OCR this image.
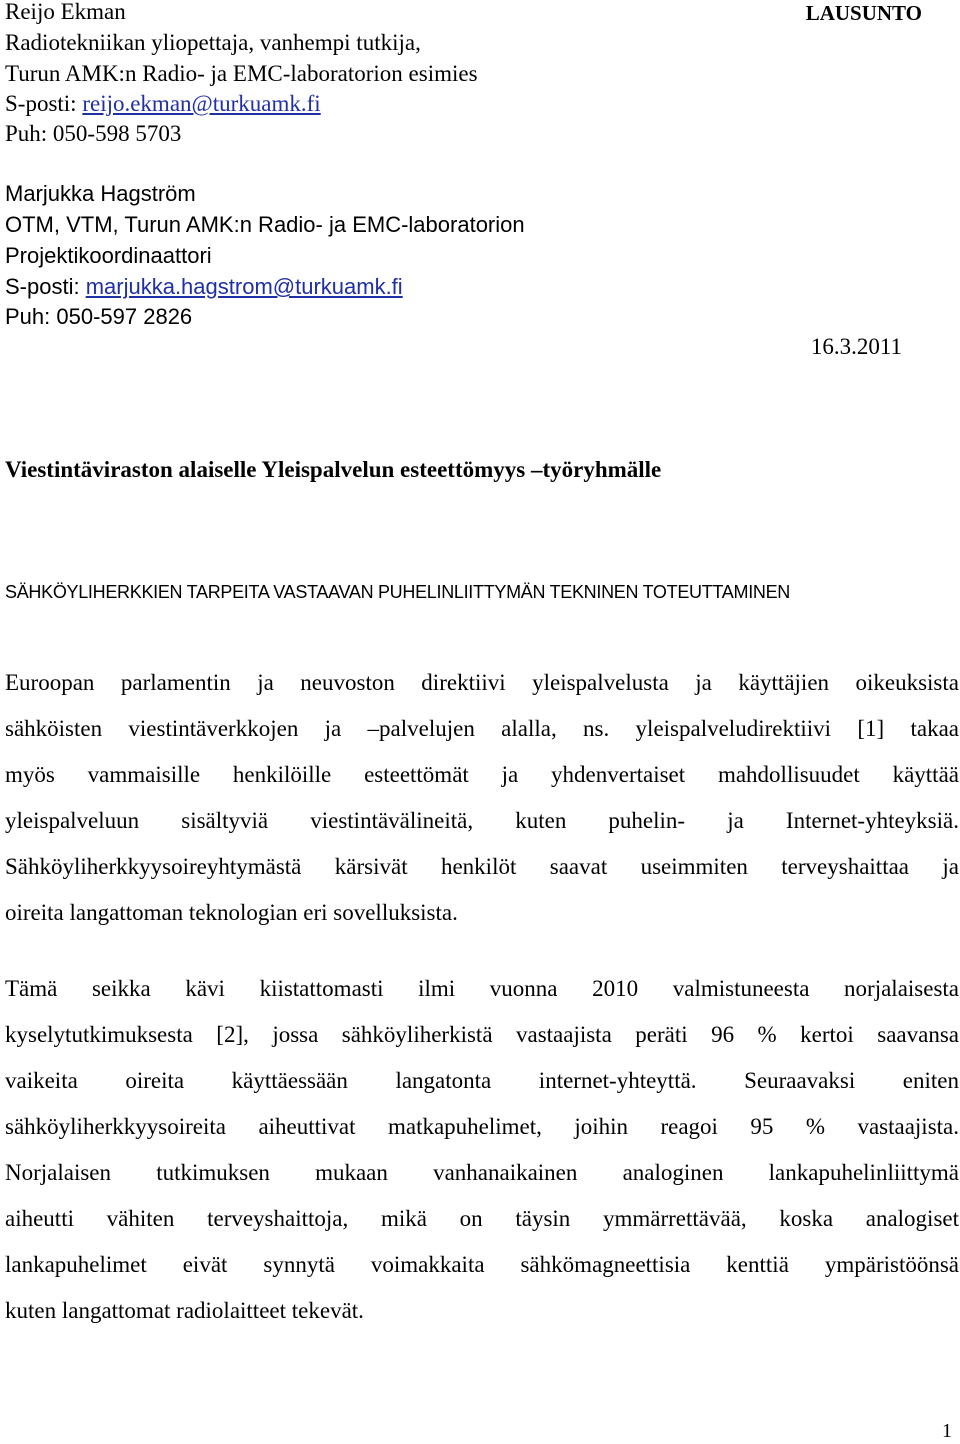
LAUSUNTO
Reijo Ekman
Radiotekniikan yliopettaja, vanhempi tutkija,
Turun AMK:n Radio- ja EMC-laboratorion esimies
S-posti: reijo.ekman@turkuamk.fi
Puh: 050-598 5703
Marjukka Hagström
OTM, VTM, Turun AMK:n Radio- ja EMC-laboratorion
Projektikoordinaattori
S-posti: marjukka.hagstrom@turkuamk.fi
Puh: 050-597 2826
16.3.2011
Viestintäviraston alaiselle Yleispalvelun esteettömyys –työryhmälle
SÄHKÖYLIHERKKIEN TARPEITA VASTAAVAN PUHELINLIITTYMÄN TEKNINEN TOTEUTTAMINEN
Euroopan parlamentin ja neuvoston direktiivi yleispalvelusta ja käyttäjien oikeuksista
sähköisten viestintäverkkojen ja –palvelujen alalla, ns. yleispalveludirektiivi [1] takaa
myös vammaisille henkilöille esteettömät ja yhdenvertaiset mahdollisuudet käyttää
yleispalveluun sisältyviä viestintävälineitä, kuten puhelin- ja Internet-yhteyksiä.
Sähköyliherkkyysoireyhtymästä kärsivät henkilöt saavat useimmiten terveyshaittaa ja
oireita langattoman teknologian eri sovelluksista.
Tämä seikka kävi kiistattomasti ilmi vuonna 2010 valmistuneesta norjalaisesta
kyselytutkimuksesta [2], jossa sähköyliherkistä vastaajista peräti 96 % kertoi saavansa
vaikeita oireita käyttäessään langatonta internet-yhteyttä. Seuraavaksi eniten
sähköyliherkkyysoireita aiheuttivat matkapuhelimet, joihin reagoi 95 % vastaajista.
Norjalaisen tutkimuksen mukaan vanhanaikainen analoginen lankapuhelinliittymä
aiheutti vähiten terveyshaittoja, mikä on täysin ymmärrettävää, koska analogiset
lankapuhelimet eivät synnytä voimakkaita sähkömagneettisia kenttiä ympäristöönsä
kuten langattomat radiolaitteet tekevät.
1
